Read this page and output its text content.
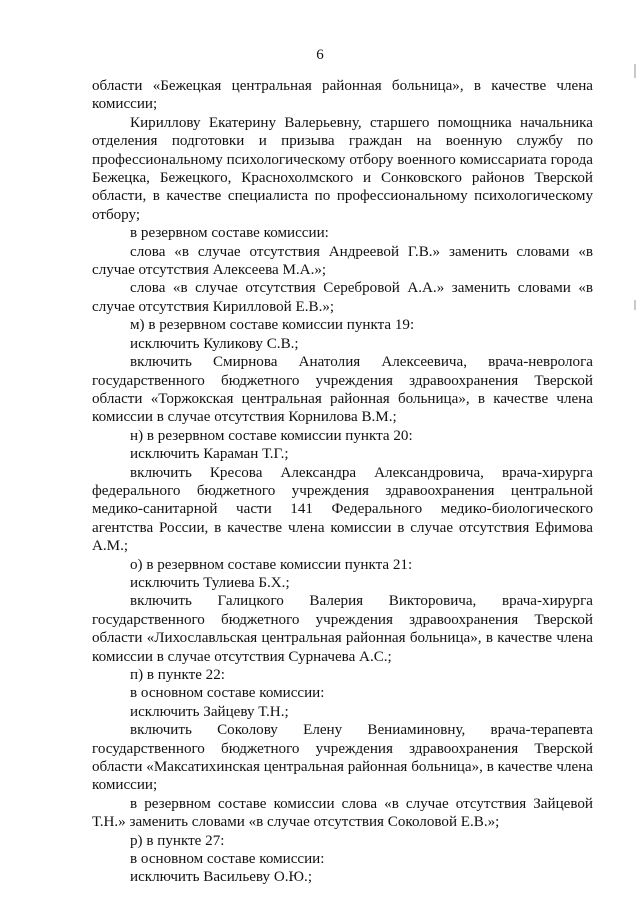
6

области «Бежецкая центральная районная больница», в качестве члена комиссии;

Кириллову Екатерину Валерьевну, старшего помощника начальника отделения подготовки и призыва граждан на военную службу по профессиональному психологическому отбору военного комиссариата города Бежецка, Бежецкого, Краснохолмского и Сонковского районов Тверской области, в качестве специалиста по профессиональному психологическому отбору;

в резервном составе комиссии:

слова «в случае отсутствия Андреевой Г.В.» заменить словами «в случае отсутствия Алексеева М.А.»;

слова «в случае отсутствия Серебровой А.А.» заменить словами «в случае отсутствия Кирилловой Е.В.»;

м) в резервном составе комиссии пункта 19:

исключить Куликову С.В.;

включить Смирнова Анатолия Алексеевича, врача-невролога государственного бюджетного учреждения здравоохранения Тверской области «Торжокская центральная районная больница», в качестве члена комиссии в случае отсутствия Корнилова В.М.;

н) в резервном составе комиссии пункта 20:

исключить Караман Т.Г.;

включить Кресова Александра Александровича, врача-хирурга федерального бюджетного учреждения здравоохранения центральной медико-санитарной части 141 Федерального медико-биологического агентства России, в качестве члена комиссии в случае отсутствия Ефимова А.М.;

о) в резервном составе комиссии пункта 21:

исключить Тулиева Б.Х.;

включить Галицкого Валерия Викторовича, врача-хирурга государственного бюджетного учреждения здравоохранения Тверской области «Лихославльская центральная районная больница», в качестве члена комиссии в случае отсутствия Сурначева А.С.;

п) в пункте 22:

в основном составе комиссии:

исключить Зайцеву Т.Н.;

включить Соколову Елену Вениаминовну, врача-терапевта государственного бюджетного учреждения здравоохранения Тверской области «Максатихинская центральная районная больница», в качестве члена комиссии;

в резервном составе комиссии слова «в случае отсутствия Зайцевой Т.Н.» заменить словами «в случае отсутствия Соколовой Е.В.»;

р) в пункте 27:

в основном составе комиссии:

исключить Васильеву О.Ю.;
